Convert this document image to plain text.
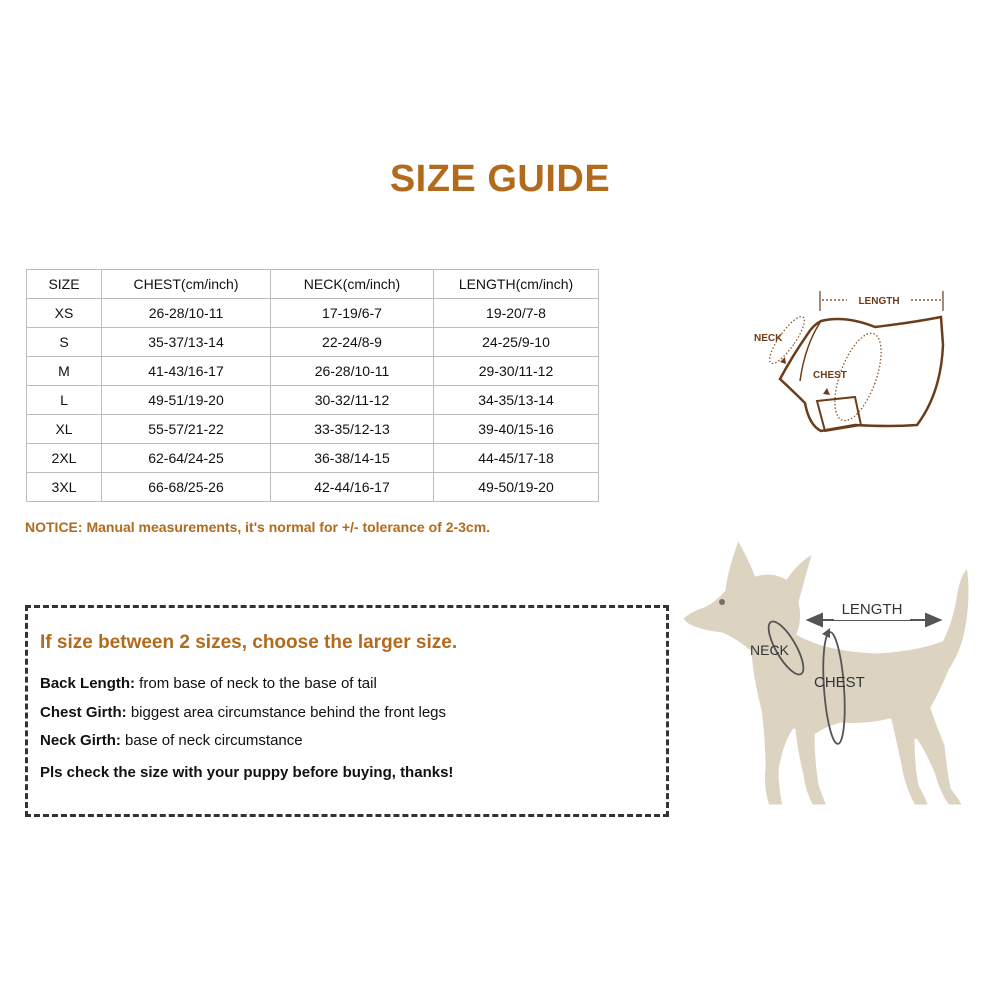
SIZE GUIDE
SIZE	CHEST(cm/inch)	NECK(cm/inch)	LENGTH(cm/inch)
XS	26-28/10-11	17-19/6-7	19-20/7-8
S	35-37/13-14	22-24/8-9	24-25/9-10
M	41-43/16-17	26-28/10-11	29-30/11-12
L	49-51/19-20	30-32/11-12	34-35/13-14
XL	55-57/21-22	33-35/12-13	39-40/15-16
2XL	62-64/24-25	36-38/14-15	44-45/17-18
3XL	66-68/25-26	42-44/16-17	49-50/19-20
LENGTH
NECK
CHEST
NOTICE: Manual measurements, it's normal for +/- tolerance of 2-3cm.
If size between 2 sizes, choose the larger size.
Back Length: from base of neck to the base of tail
Chest Girth: biggest area circumstance behind the front legs
Neck Girth: base of neck circumstance
Pls check the size with your puppy before buying, thanks!
LENGTH
NECK
CHEST
